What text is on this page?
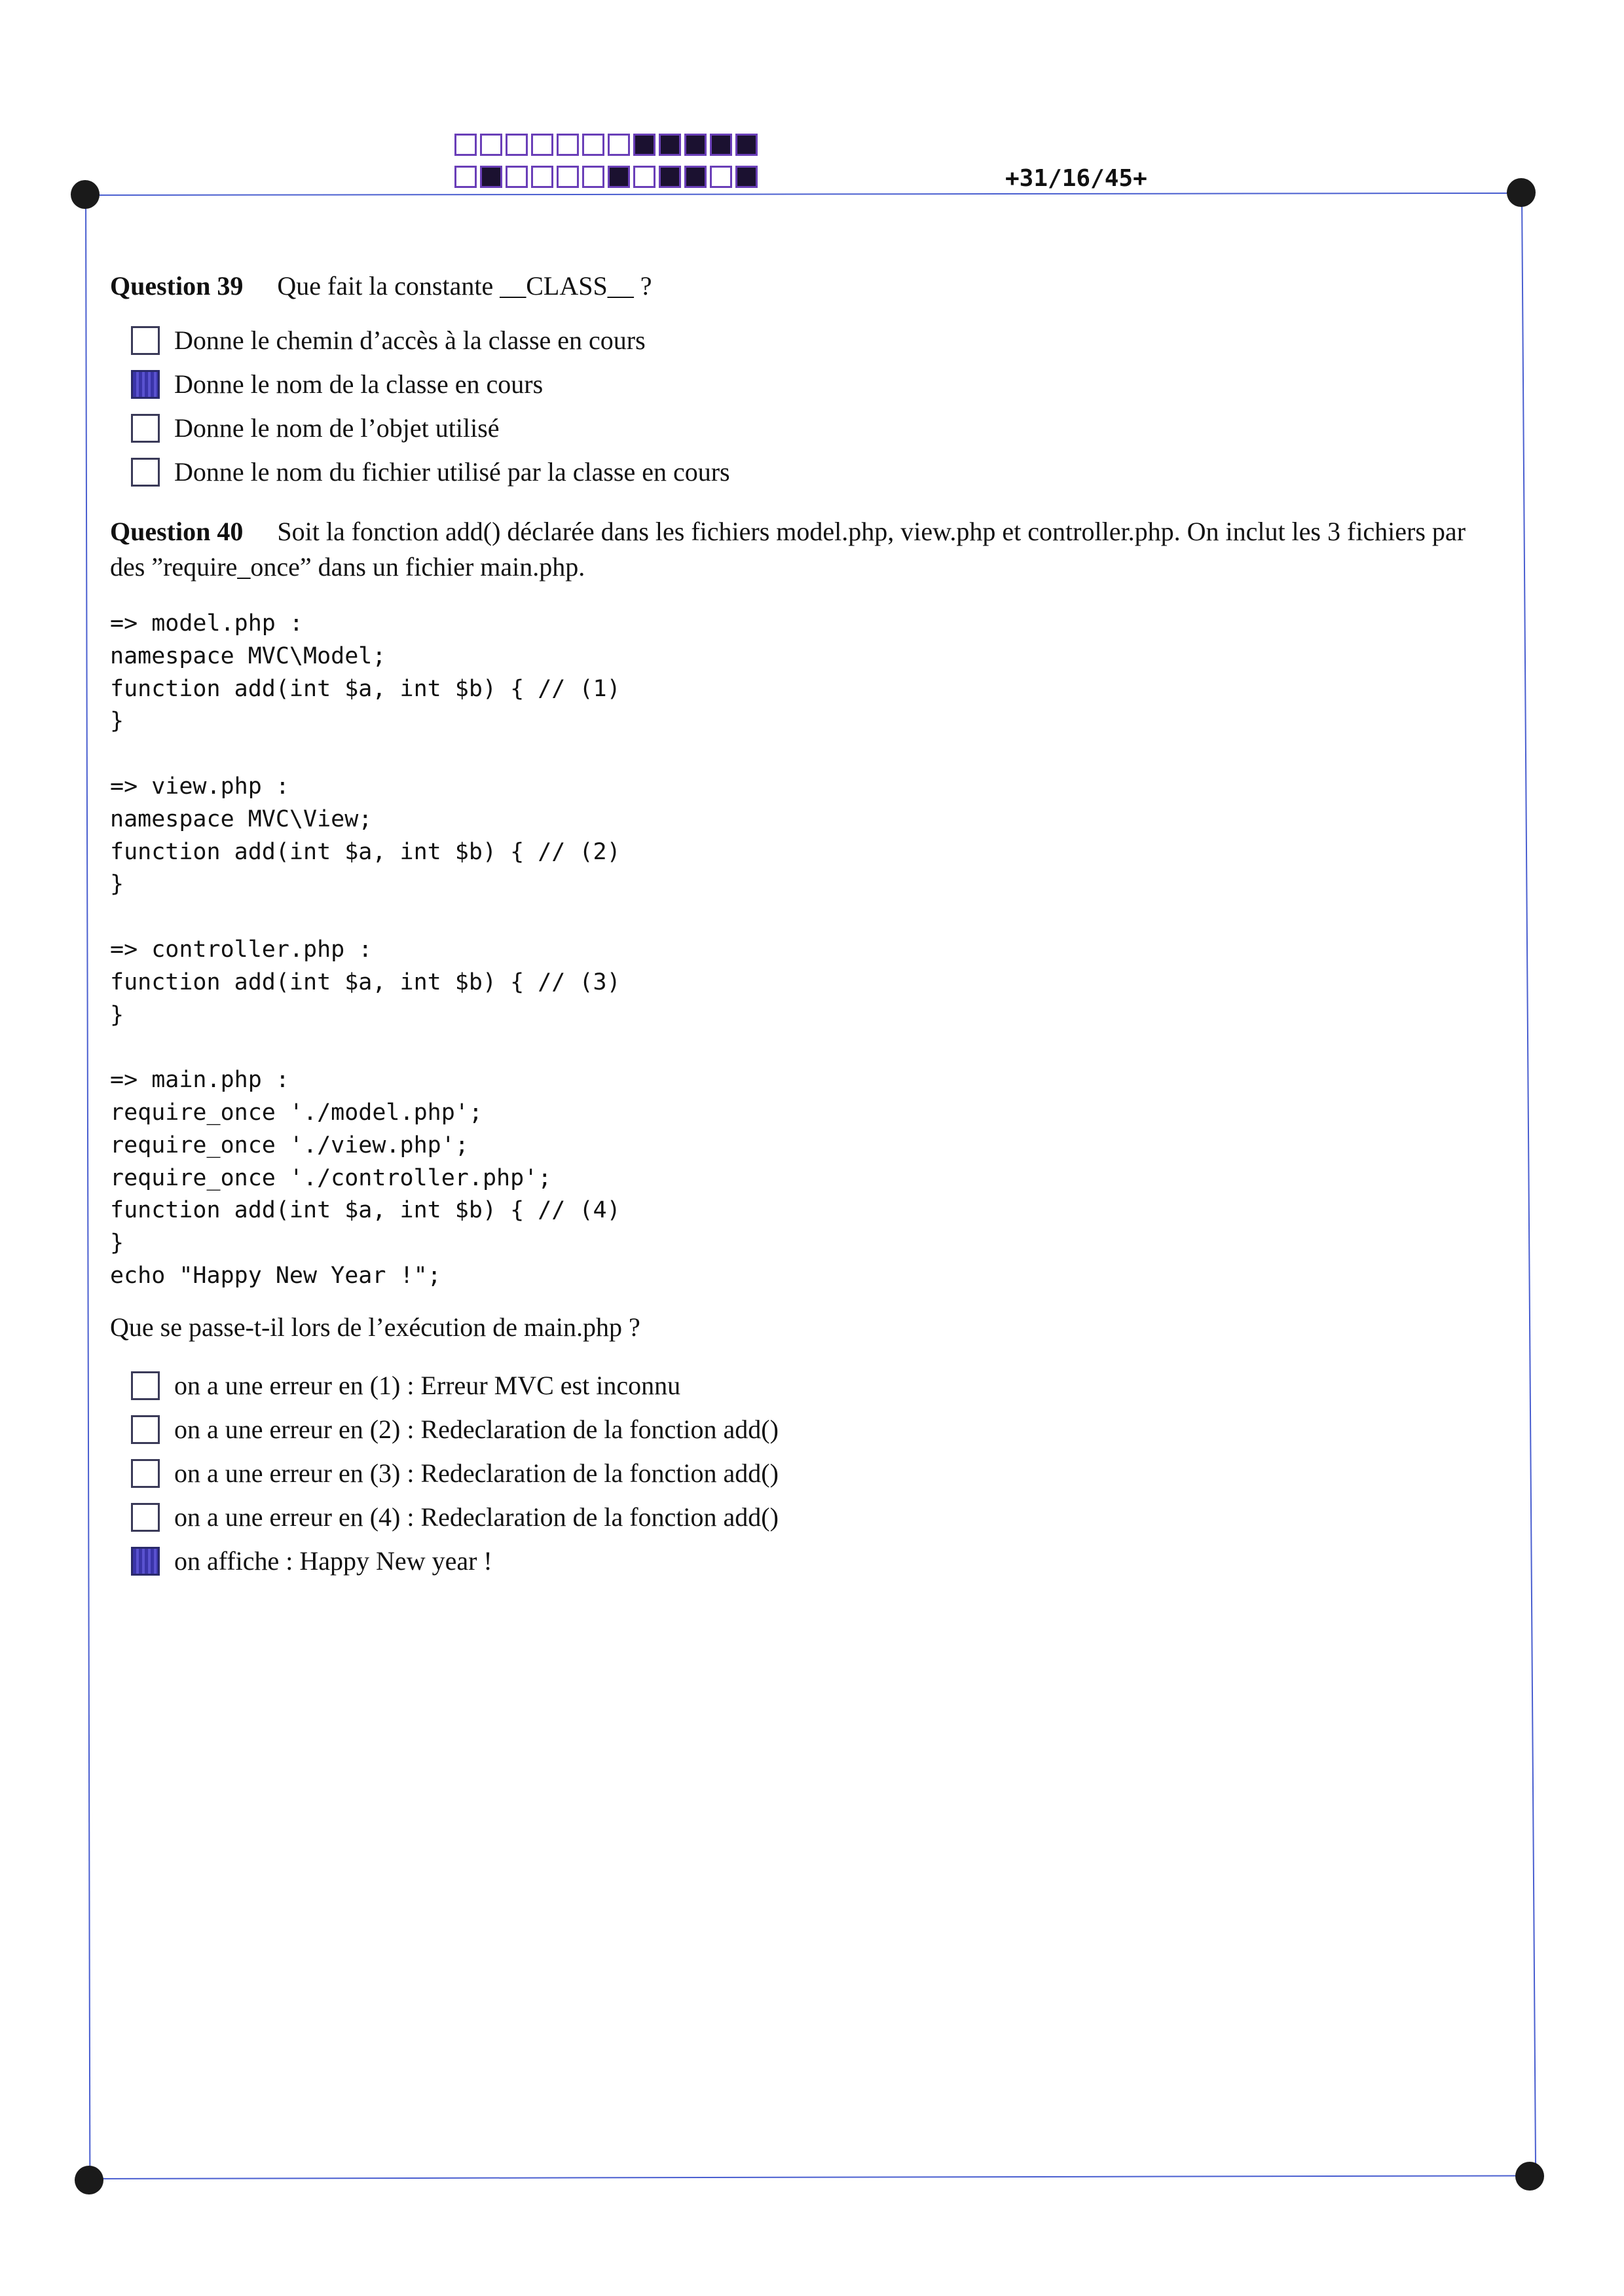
+31/16/45+
Question 39 Que fait la constante __CLASS__ ?
Donne le chemin d’accès à la classe en cours
Donne le nom de la classe en cours
Donne le nom de l’objet utilisé
Donne le nom du fichier utilisé par la classe en cours
Question 40 Soit la fonction add() déclarée dans les fichiers model.php, view.php et controller.php. On inclut les 3 fichiers par des ”require_once” dans un fichier main.php.
=> model.php :
namespace MVC\Model;
function add(int $a, int $b) { // (1)
}

=> view.php :
namespace MVC\View;
function add(int $a, int $b) { // (2)
}

=> controller.php :
function add(int $a, int $b) { // (3)
}

=> main.php :
require_once './model.php';
require_once './view.php';
require_once './controller.php';
function add(int $a, int $b) { // (4)
}
echo "Happy New Year !";
Que se passe-t-il lors de l’exécution de main.php ?
on a une erreur en (1) : Erreur MVC est inconnu
on a une erreur en (2) : Redeclaration de la fonction add()
on a une erreur en (3) : Redeclaration de la fonction add()
on a une erreur en (4) : Redeclaration de la fonction add()
on affiche : Happy New year !
